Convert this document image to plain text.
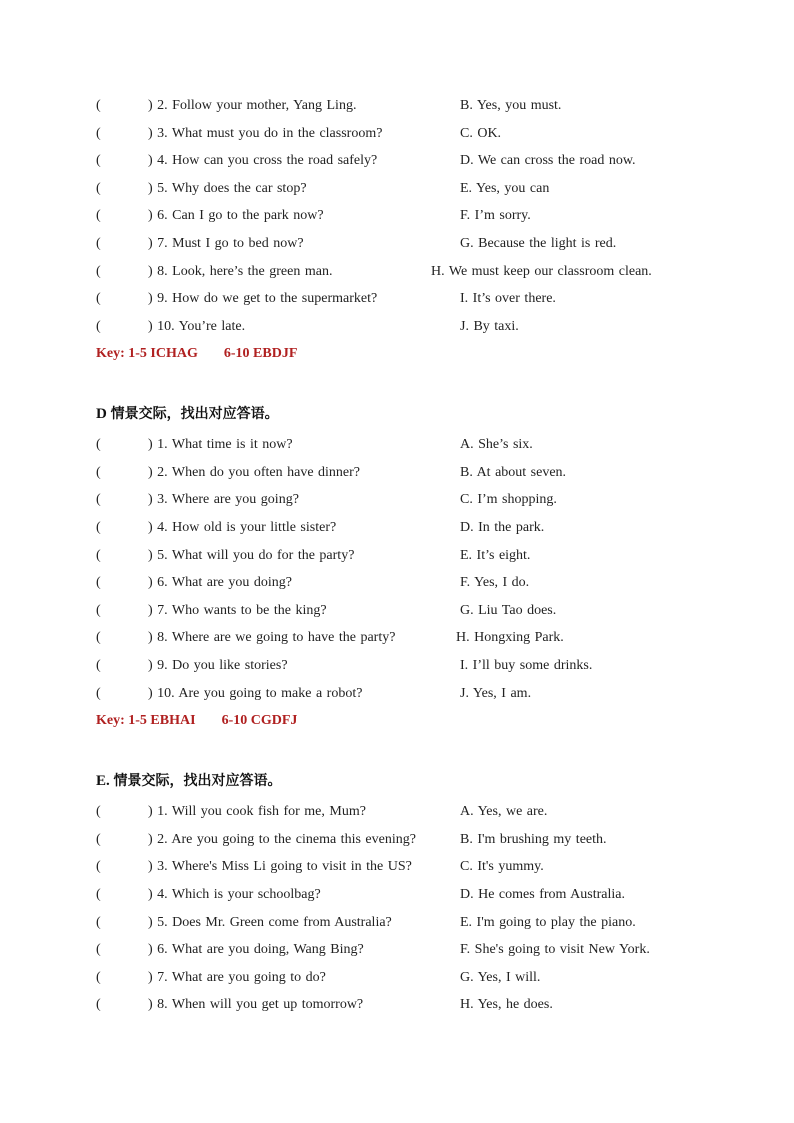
(	) 2. Follow your mother, Yang Ling.	B. Yes, you must.
(	) 3. What must you do in the classroom?	C. OK.
(	) 4. How can you cross the road safely?	D. We can cross the road now.
(	) 5. Why does the car stop?	E. Yes, you can
(	) 6. Can I go to the park now?	F. I’m sorry.
(	) 7. Must I go to bed now?	G. Because the light is red.
(	) 8. Look, here’s the green man.	H. We must keep our classroom clean.
(	) 9. How do we get to the supermarket?	I. It’s over there.
(	) 10. You’re late.	J. By taxi.
Key: 1-5 ICHAG 6-10 EBDJF
D 情景交际，找出对应答语。
(	) 1. What time is it now?	A. She’s six.
(	) 2. When do you often have dinner?	B. At about seven.
(	) 3. Where are you going?	C. I’m shopping.
(	) 4. How old is your little sister?	D. In the park.
(	) 5. What will you do for the party?	E. It’s eight.
(	) 6. What are you doing?	F. Yes, I do.
(	) 7. Who wants to be the king?	G. Liu Tao does.
(	) 8. Where are we going to have the party?	H. Hongxing Park.
(	) 9. Do you like stories?	I. I’ll buy some drinks.
(	) 10. Are you going to make a robot?	J. Yes, I am.
Key: 1-5 EBHAI 6-10 CGDFJ
E. 情景交际，找出对应答语。
(	) 1. Will you cook fish for me, Mum?	A. Yes, we are.
(	) 2. Are you going to the cinema this evening?	B. I'm brushing my teeth.
(	) 3. Where's Miss Li going to visit in the US?	C. It's yummy.
(	) 4. Which is your schoolbag?	D. He comes from Australia.
(	) 5. Does Mr. Green come from Australia?	E. I'm going to play the piano.
(	) 6. What are you doing, Wang Bing?	F. She's going to visit New York.
(	) 7. What are you going to do?	G. Yes, I will.
(	) 8. When will you get up tomorrow?	H. Yes, he does.
